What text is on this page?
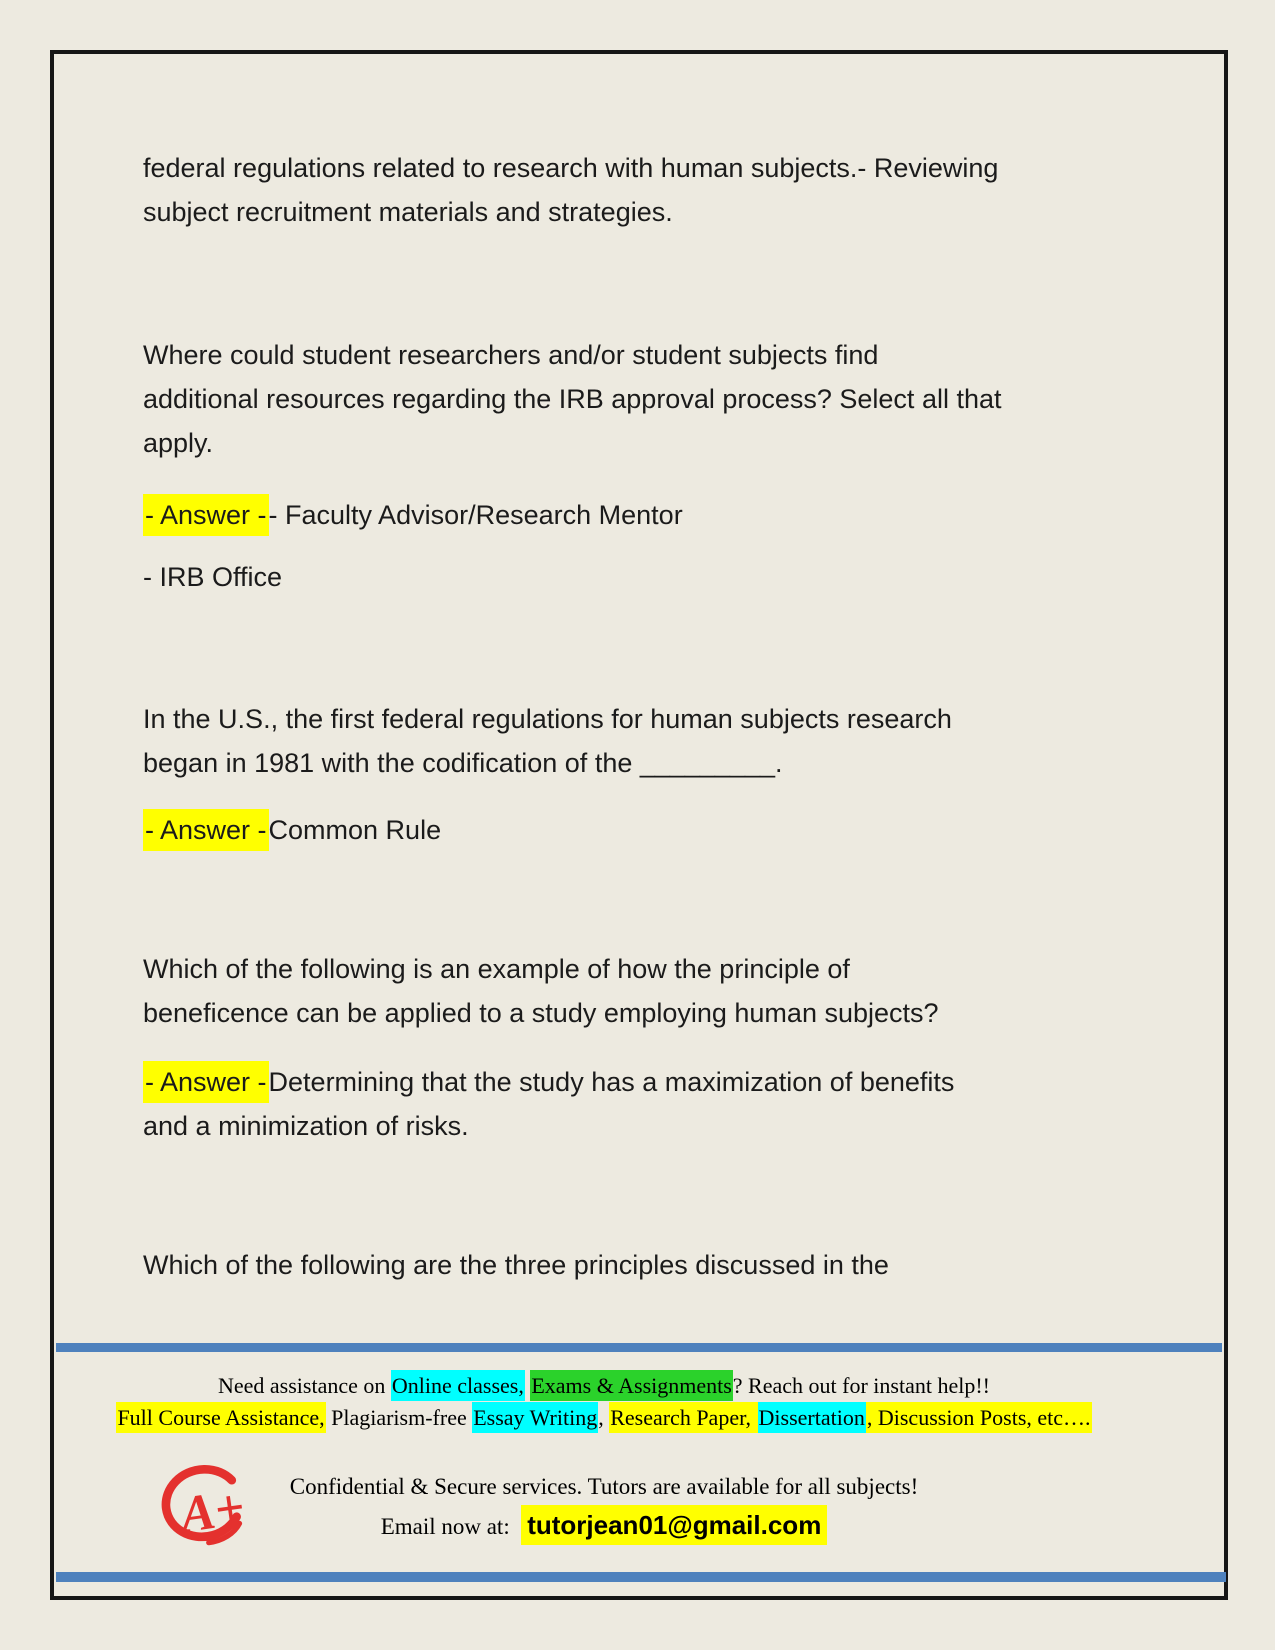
federal regulations related to research with human subjects.- Reviewing
subject recruitment materials and strategies.
Where could student researchers and/or student subjects find
additional resources regarding the IRB approval process? Select all that
apply.
- Answer -- Faculty Advisor/Research Mentor
- IRB Office
In the U.S., the first federal regulations for human subjects research
began in 1981 with the codification of the _________.
- Answer -Common Rule
Which of the following is an example of how the principle of
beneficence can be applied to a study employing human subjects?
- Answer -Determining that the study has a maximization of benefits
and a minimization of risks.
Which of the following are the three principles discussed in the
Need assistance on Online classes, Exams & Assignments? Reach out for instant help!!
Full Course Assistance, Plagiarism-free Essay Writing, Research Paper, Dissertation, Discussion Posts, etc….
A+	Confidential & Secure services. Tutors are available for all subjects!
Email now at:  tutorjean01@gmail.com
